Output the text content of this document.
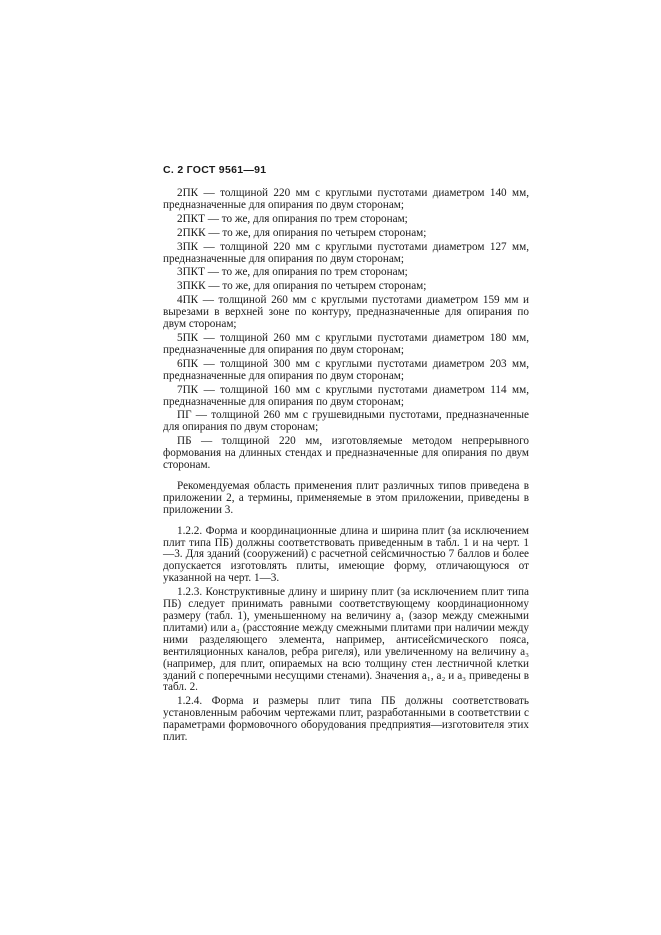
С. 2 ГОСТ 9561—91

2ПК — толщиной 220 мм с круглыми пустотами диаметром 140 мм, предназначенные для опирания по двум сторонам;

2ПКТ — то же, для опирания по трем сторонам;

2ПКК — то же, для опирания по четырем сторонам;

3ПК — толщиной 220 мм с круглыми пустотами диаметром 127 мм, предназначенные для опирания по двум сторонам;

3ПКТ — то же, для опирания по трем сторонам;

3ПКК — то же, для опирания по четырем сторонам;

4ПК — толщиной 260 мм с круглыми пустотами диаметром 159 мм и вырезами в верхней зоне по контуру, предназначенные для опирания по двум сторонам;

5ПК — толщиной 260 мм с круглыми пустотами диаметром 180 мм, предназначенные для опирания по двум сторонам;

6ПК — толщиной 300 мм с круглыми пустотами диаметром 203 мм, предназначенные для опирания по двум сторонам;

7ПК — толщиной 160 мм с круглыми пустотами диаметром 114 мм, предназначенные для опирания по двум сторонам;

ПГ — толщиной 260 мм с грушевидными пустотами, предназначенные для опирания по двум сторонам;

ПБ — толщиной 220 мм, изготовляемые методом непрерывного формования на длинных стендах и предназначенные для опирания по двум сторонам.

Рекомендуемая область применения плит различных типов приведена в приложении 2, а термины, применяемые в этом приложении, приведены в приложении 3.

1.2.2. Форма и координационные длина и ширина плит (за исключением плит типа ПБ) должны соответствовать приведенным в табл. 1 и на черт. 1—3. Для зданий (сооружений) с расчетной сейсмичностью 7 баллов и более допускается изготовлять плиты, имеющие форму, отличающуюся от указанной на черт. 1—3.

1.2.3. Конструктивные длину и ширину плит (за исключением плит типа ПБ) следует принимать равными соответствующему координационному размеру (табл. 1), уменьшенному на величину a₁ (зазор между смежными плитами) или a₂ (расстояние между смежными плитами при наличии между ними разделяющего элемента, например, антисейсмического пояса, вентиляционных каналов, ребра ригеля), или увеличенному на величину a₃ (например, для плит, опираемых на всю толщину стен лестничной клетки зданий с поперечными несущими стенами). Значения a₁, a₂ и a₃ приведены в табл. 2.

1.2.4. Форма и размеры плит типа ПБ должны соответствовать установленным рабочим чертежами плит, разработанными в соответствии с параметрами формовочного оборудования предприятия—изготовителя этих плит.
